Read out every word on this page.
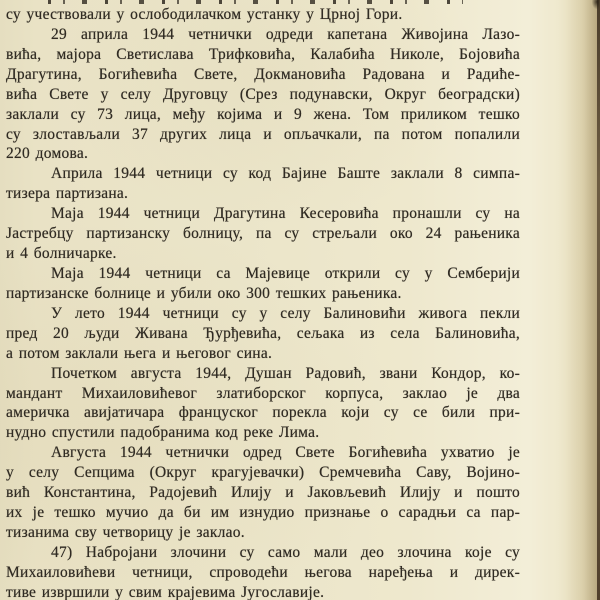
су учествовали у ослободилачком устанку у Црној Гори.
29 априла 1944 четнички одреди капетана Живојина Лазо-
вића, мајора Светислава Трифковића, Калабића Николе, Бојовића
Драгутина, Богићевића Свете, Докмановића Радована и Радиће-
вића Свете у селу Друговцу (Срез подунавски, Округ београдски)
заклали су 73 лица, међу којима и 9 жена. Том приликом тешко
су злостављали 37 других лица и опљачкали, па потом попалили
220 домова.
Априла 1944 четници су код Бајине Баште заклали 8 симпа-
тизера партизана.
Маја 1944 четници Драгутина Кесеровића пронашли су на
Јастребцу партизанску болницу, па су стрељали око 24 рањеника
и 4 болничарке.
Маја 1944 четници са Мајевице открили су у Семберији
партизанске болнице и убили око 300 тешких рањеника.
У лето 1944 четници су у селу Балиновићи живога пекли
пред 20 људи Живана Ђурђевића, сељака из села Балиновића,
а потом заклали њега и његовог сина.
Почетком августа 1944, Душан Радовић, звани Кондор, ко-
мандант Михаиловићевог златиборског корпуса, заклао је два
америчка авијатичара француског порекла који су се били при-
нудно спустили падобранима код реке Лима.
Августа 1944 четнички одред Свете Богићевића ухватио је
у селу Сепцима (Округ крагујевачки) Сремчевића Саву, Војино-
вић Константина, Радојевић Илију и Јаковљевић Илију и пошто
их је тешко мучио да би им изнудио признање о сарадњи са пар-
тизанима сву четворицу је заклао.
47) Набројани злочини су само мали део злочина које су
Михаиловићеви четници, спроводећи његова наређења и дирек-
тиве извршили у свим крајевима Југославије.
